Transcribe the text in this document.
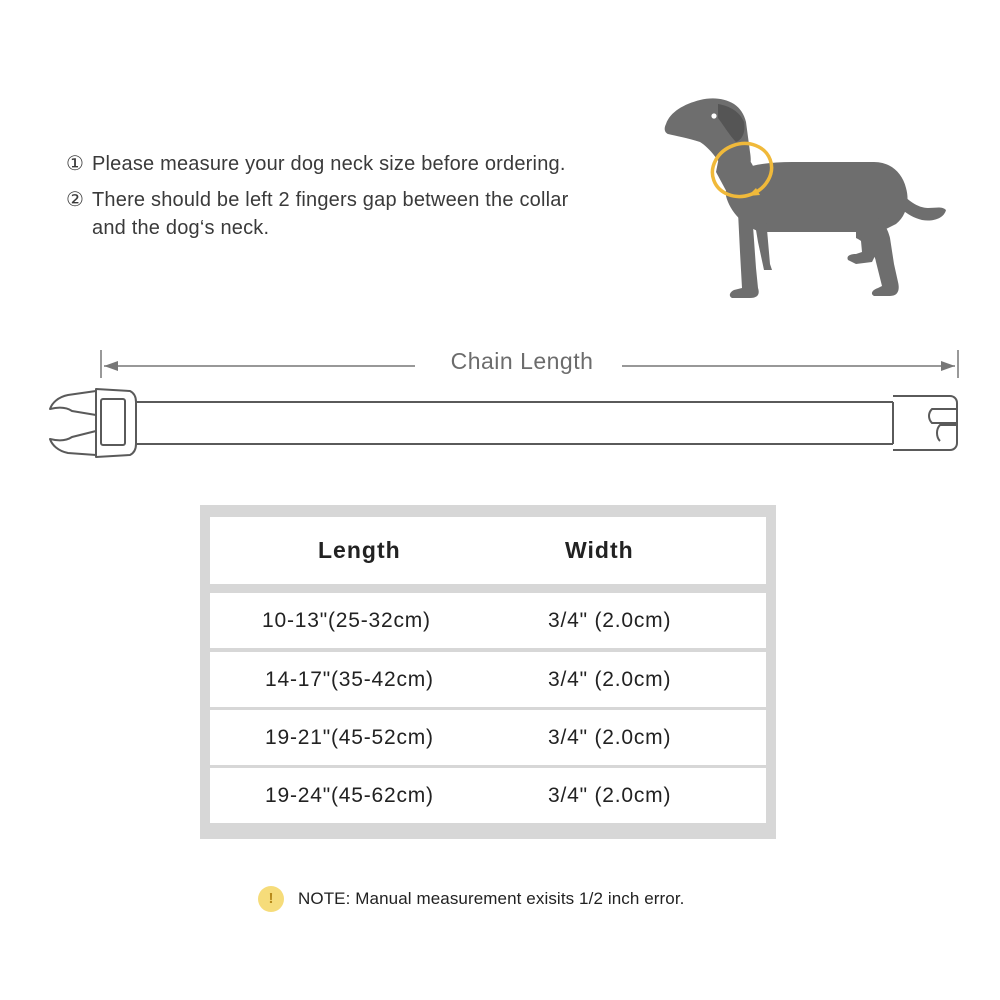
① Please measure your dog neck size before ordering.
② There should be left 2 fingers gap between the collar and the dog‘s neck.
Chain Length
Length	Width
10-13"(25-32cm)	3/4" (2.0cm)
14-17"(35-42cm)	3/4" (2.0cm)
19-21"(45-52cm)	3/4" (2.0cm)
19-24"(45-62cm)	3/4" (2.0cm)
!	NOTE: Manual measurement exisits 1/2 inch error.
